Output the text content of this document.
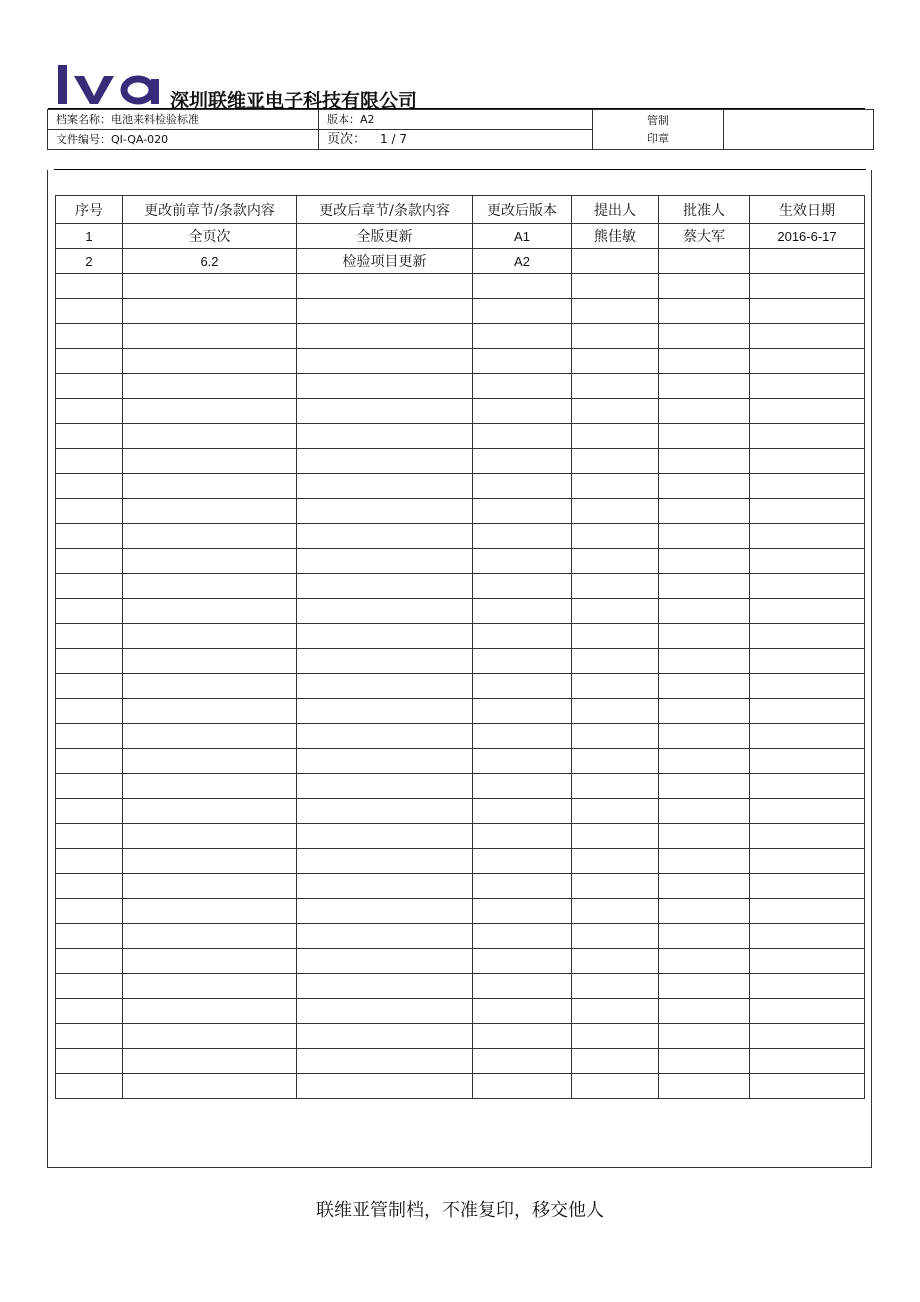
深圳联维亚电子科技有限公司
档案名称：电池来料检验标准	版本：A2	管制
印章	

文件编号：QI-QA-020	页次： 1 / 7		
序号	更改前章节/条款内容	更改后章节/条款内容	更改后版本	提出人	批准人	生效日期
1	全页次	全版更新	A1	熊佳敏	蔡大军	2016-6-17
2	6.2	检验项目更新	A2			

联维亚管制档，不准复印，移交他人
